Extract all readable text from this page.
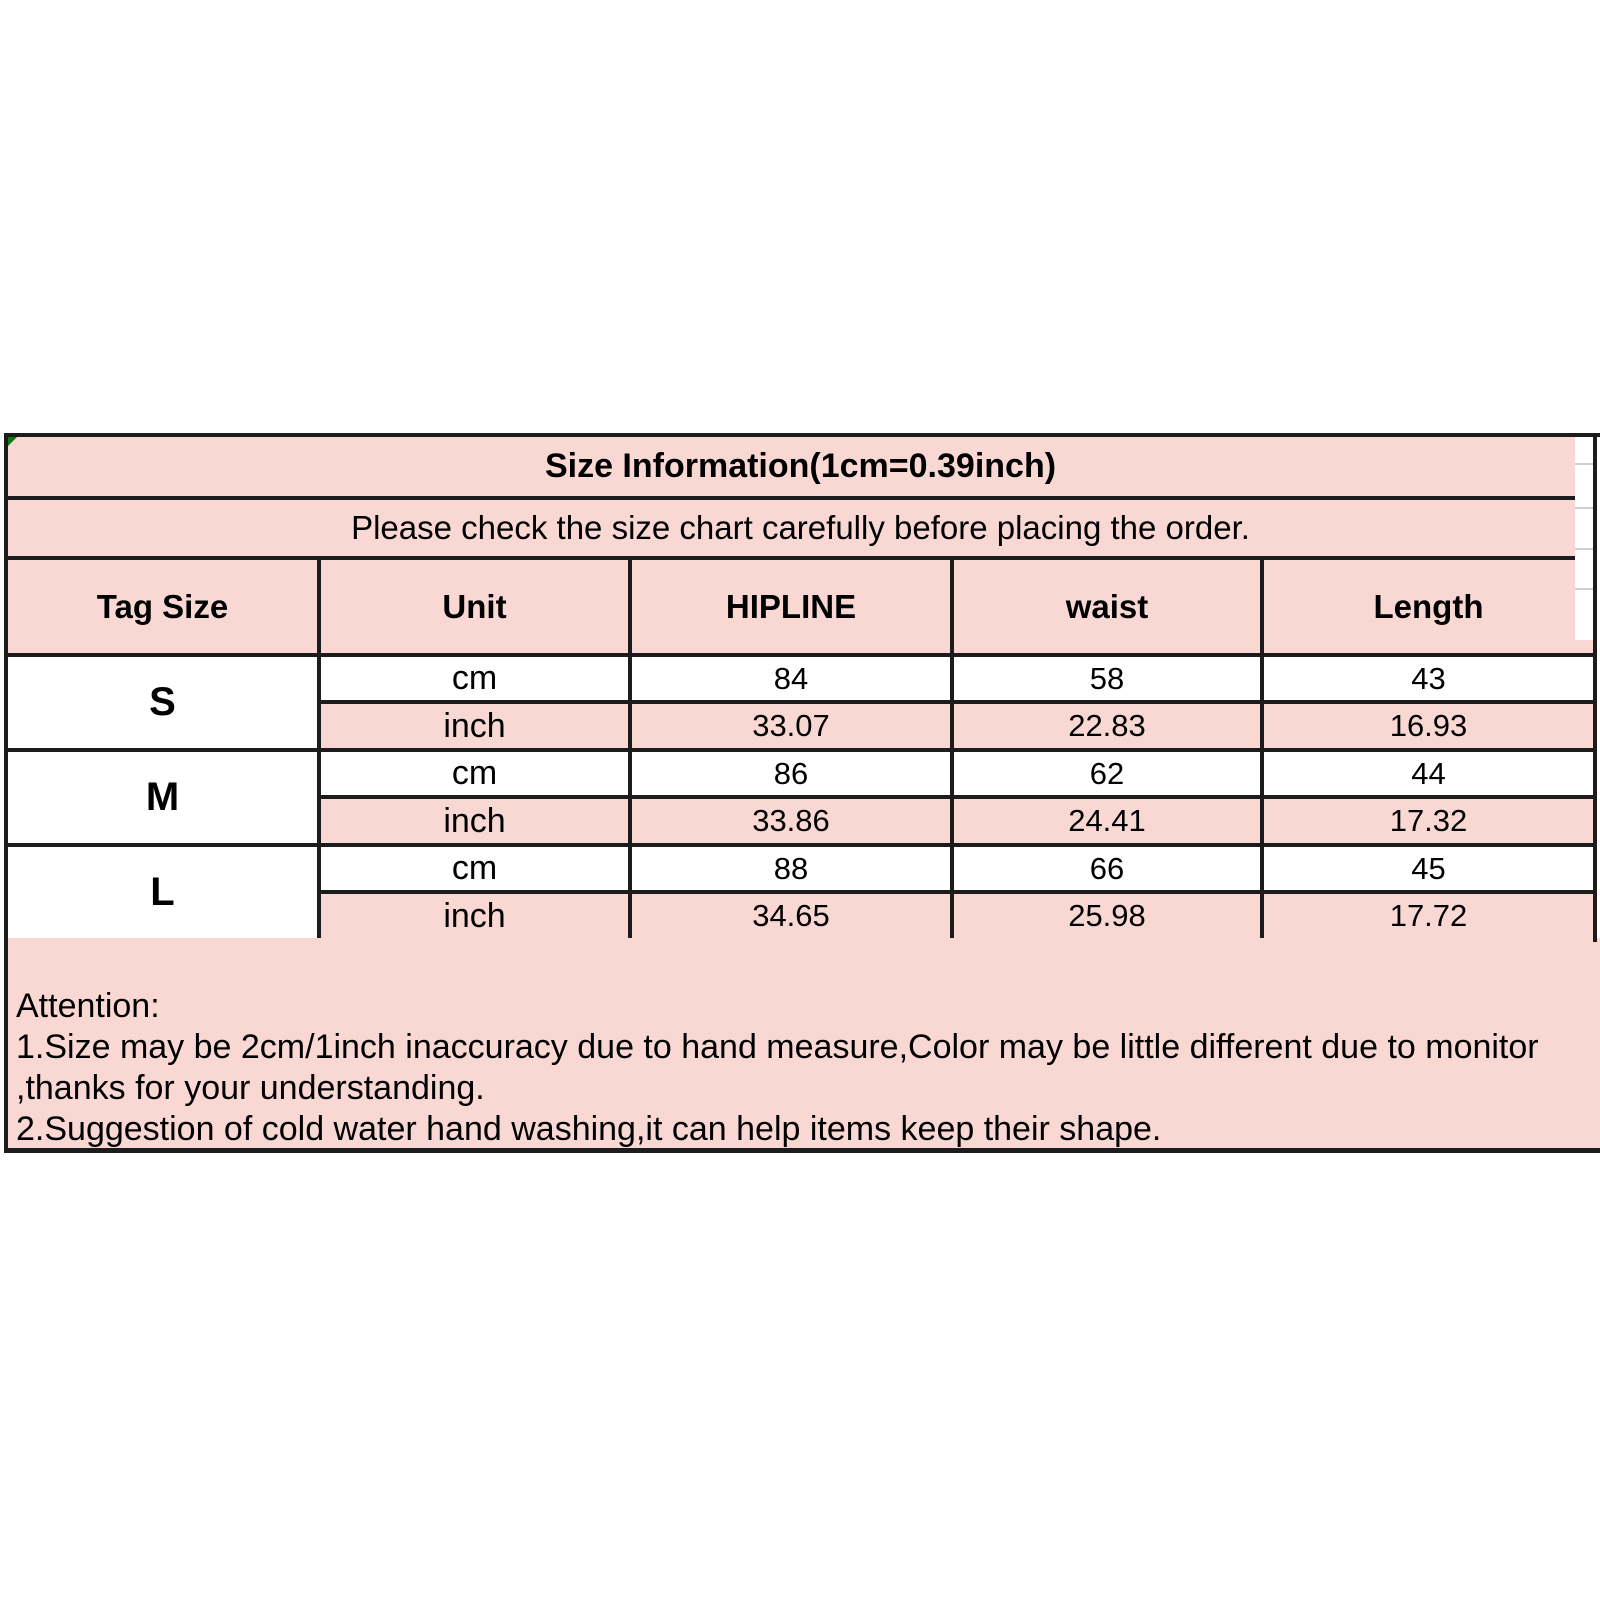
Size Information(1cm=0.39inch)
Please check the size chart carefully before placing the order.
Tag Size	Unit	HIPLINE	waist	Length
S
cm	84	58	43
inch	33.07	22.83	16.93
M
cm	86	62	44
inch	33.86	24.41	17.32
L
cm	88	66	45
inch	34.65	25.98	17.72
Attention:
1.Size may be 2cm/1inch inaccuracy due to hand measure,Color may be little different due to monitor
,thanks for your understanding.
2.Suggestion of cold water hand washing,it can help items keep their shape.
